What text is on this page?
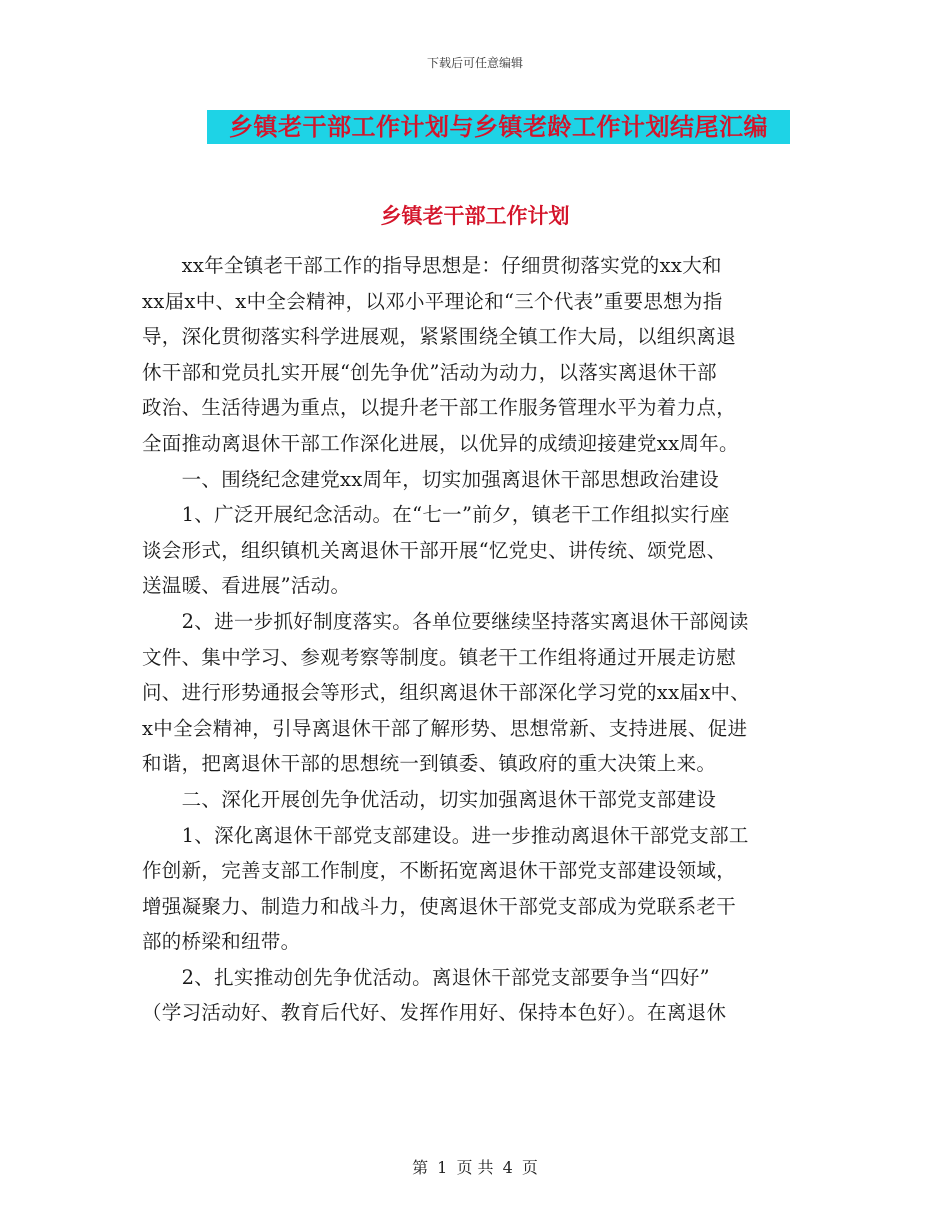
下载后可任意编辑
乡镇老干部工作计划与乡镇老龄工作计划结尾汇编
乡镇老干部工作计划
　　xx年全镇老干部工作的指导思想是：仔细贯彻落实党的xx大和
xx届x中、x中全会精神，以邓小平理论和“三个代表”重要思想为指
导，深化贯彻落实科学进展观，紧紧围绕全镇工作大局，以组织离退
休干部和党员扎实开展“创先争优”活动为动力，以落实离退休干部
政治、生活待遇为重点，以提升老干部工作服务管理水平为着力点，
全面推动离退休干部工作深化进展，以优异的成绩迎接建党xx周年。
　　一、围绕纪念建党xx周年，切实加强离退休干部思想政治建设
　　1、广泛开展纪念活动。在“七一”前夕，镇老干工作组拟实行座
谈会形式，组织镇机关离退休干部开展“忆党史、讲传统、颂党恩、
送温暖、看进展”活动。
　　2、进一步抓好制度落实。各单位要继续坚持落实离退休干部阅读
文件、集中学习、参观考察等制度。镇老干工作组将通过开展走访慰
问、进行形势通报会等形式，组织离退休干部深化学习党的xx届x中、
x中全会精神，引导离退休干部了解形势、思想常新、支持进展、促进
和谐，把离退休干部的思想统一到镇委、镇政府的重大决策上来。
　　二、深化开展创先争优活动，切实加强离退休干部党支部建设
　　1、深化离退休干部党支部建设。进一步推动离退休干部党支部工
作创新，完善支部工作制度，不断拓宽离退休干部党支部建设领域，
增强凝聚力、制造力和战斗力，使离退休干部党支部成为党联系老干
部的桥梁和纽带。
　　2、扎实推动创先争优活动。离退休干部党支部要争当“四好”
（学习活动好、教育后代好、发挥作用好、保持本色好）。在离退休
第 1 页 共 4 页
